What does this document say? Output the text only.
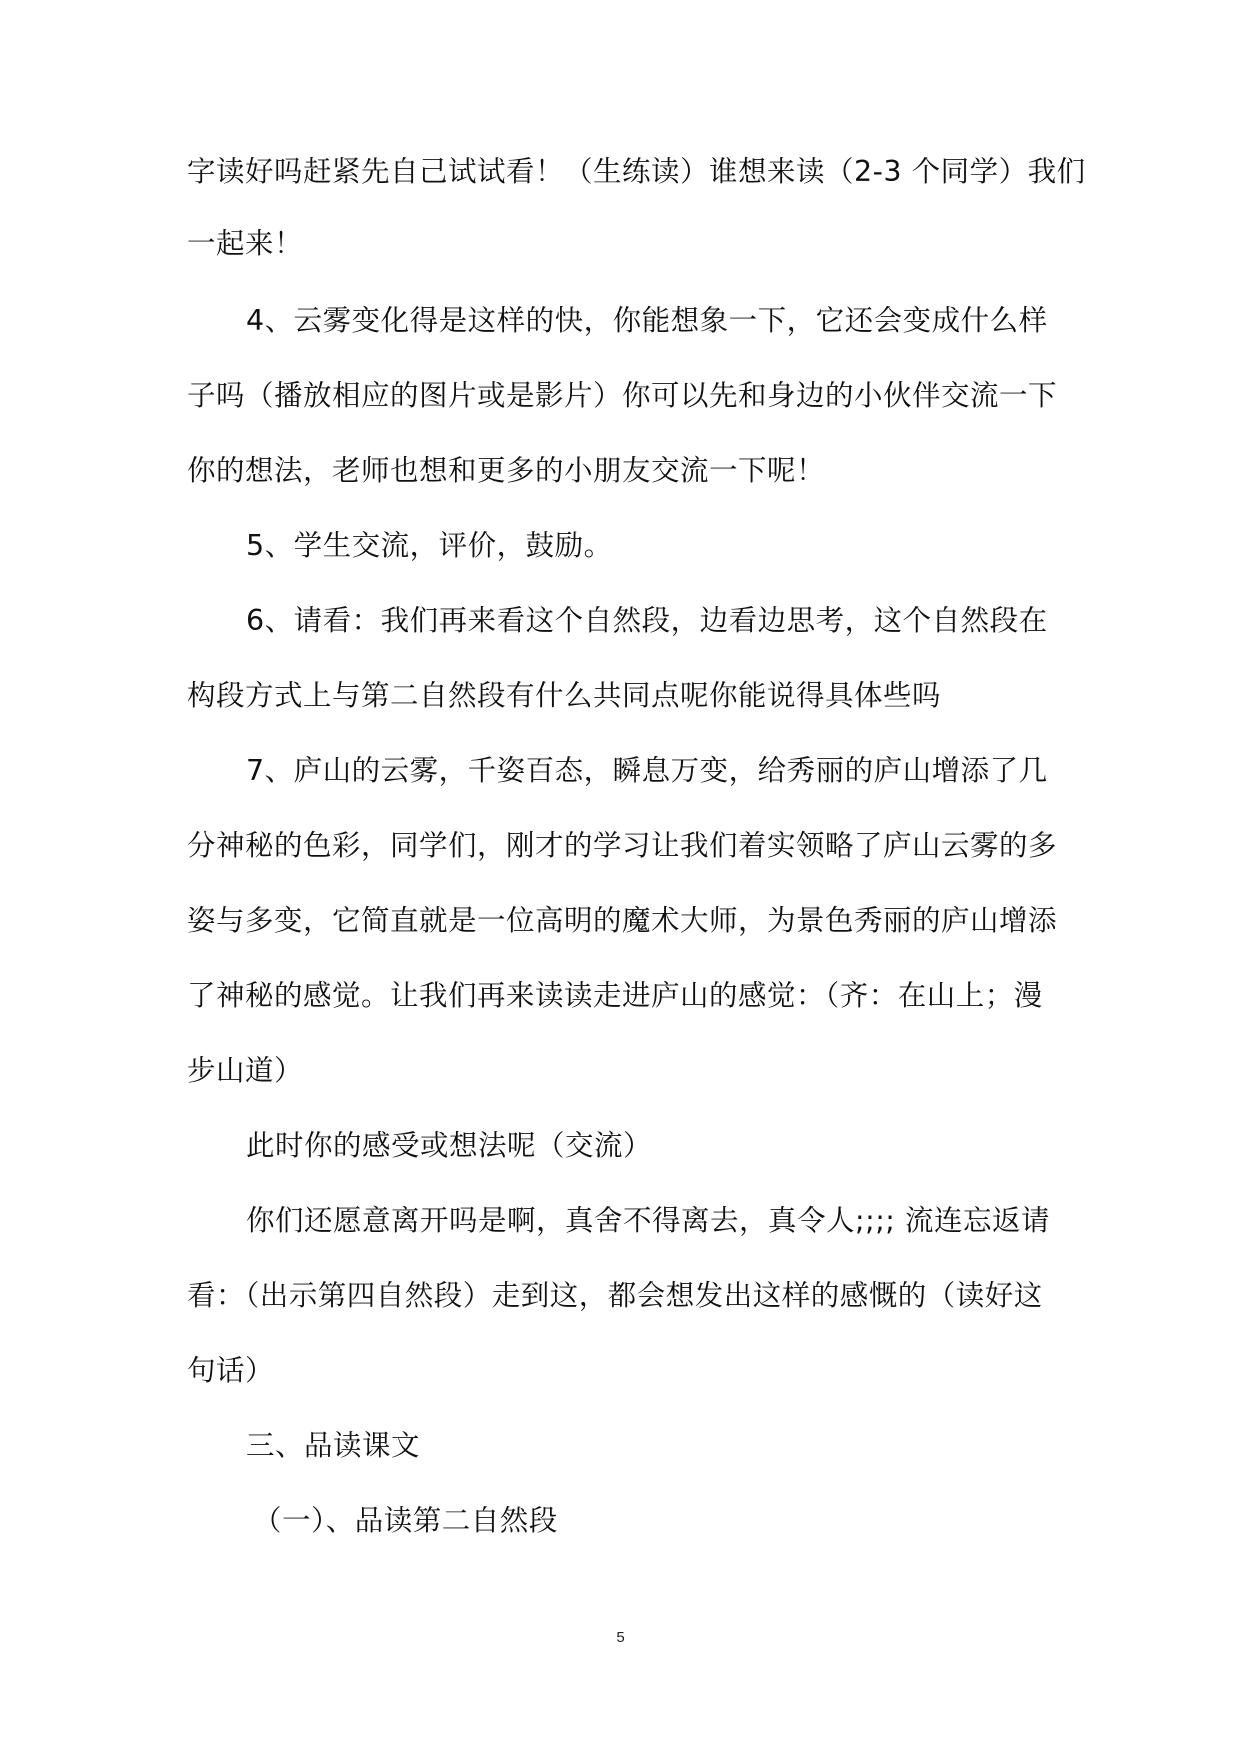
字读好吗赶紧先自己试试看！（生练读）谁想来读（2-3 个同学）我们
一起来！
4、云雾变化得是这样的快，你能想象一下，它还会变成什么样
子吗（播放相应的图片或是影片）你可以先和身边的小伙伴交流一下
你的想法，老师也想和更多的小朋友交流一下呢！
5、学生交流，评价，鼓励。
6、请看：我们再来看这个自然段，边看边思考，这个自然段在
构段方式上与第二自然段有什么共同点呢你能说得具体些吗
7、庐山的云雾，千姿百态，瞬息万变，给秀丽的庐山增添了几
分神秘的色彩，同学们，刚才的学习让我们着实领略了庐山云雾的多
姿与多变，它简直就是一位高明的魔术大师，为景色秀丽的庐山增添
了神秘的感觉。让我们再来读读走进庐山的感觉：（齐：在山上；漫
步山道）
此时你的感受或想法呢（交流）
你们还愿意离开吗是啊，真舍不得离去，真令人;;;; 流连忘返请
看：（出示第四自然段）走到这，都会想发出这样的感慨的（读好这
句话）
三、品读课文
（一）、品读第二自然段
5
